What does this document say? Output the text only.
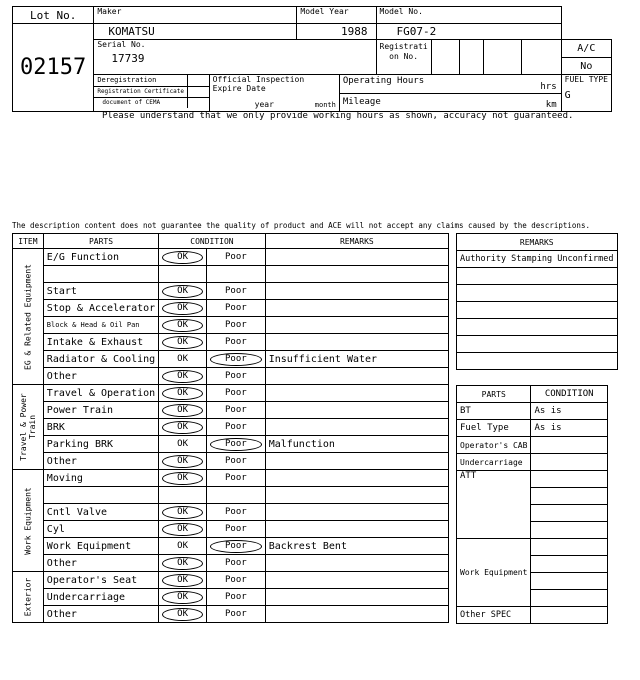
Lot No.	Maker	Model Year	Model No.
02157	KOMATSU	1988	FG07-2

Serial No.
17739

Registrati
on No.
					A/C
No

Deregistration	
Registration Certificate	
document of CEMA	

Official Inspection
Expire Date
year	month

Operating Hours
hrs
Mileage	km

FUEL TYPE
G
Please understand that we only provide working hours as shown, accuracy not guaranteed.
The description content does not guarantee the quality of product and ACE will not accept any claims caused by the descriptions.
ITEM	PARTS	CONDITION		REMARKS

EG & Related Equipment	E/G Function	OK	Poor	

	Start	OK	Poor	
	Stop & Accelerator	OK	Poor	
	Block & Head & Oil Pan	OK	Poor	
	Intake & Exhaust	OK	Poor	
	Radiator & Cooling	OK	Poor	Insufficient Water
	Other	OK	Poor	

Travel & Power Train	Travel & Operation	OK	Poor	
	Power Train	OK	Poor	
	BRK	OK	Poor	
	Parking BRK	OK	Poor	Malfunction
	Other	OK	Poor	

Work Equipment	Moving	OK	Poor	

	Cntl Valve	OK	Poor	
	Cyl	OK	Poor	
	Work Equipment	OK	Poor	Backrest Bent
	Other	OK	Poor	

Exterior	Operator's Seat	OK	Poor	
	Undercarriage	OK	Poor	
	Other	OK	Poor	
REMARKS
Authority Stamping Unconfirmed

PARTS	CONDITION
BT	As is
Fuel Type	As is
Operator's CAB	
Undercarriage	
ATT	

Work Equipment	

Other SPEC	
